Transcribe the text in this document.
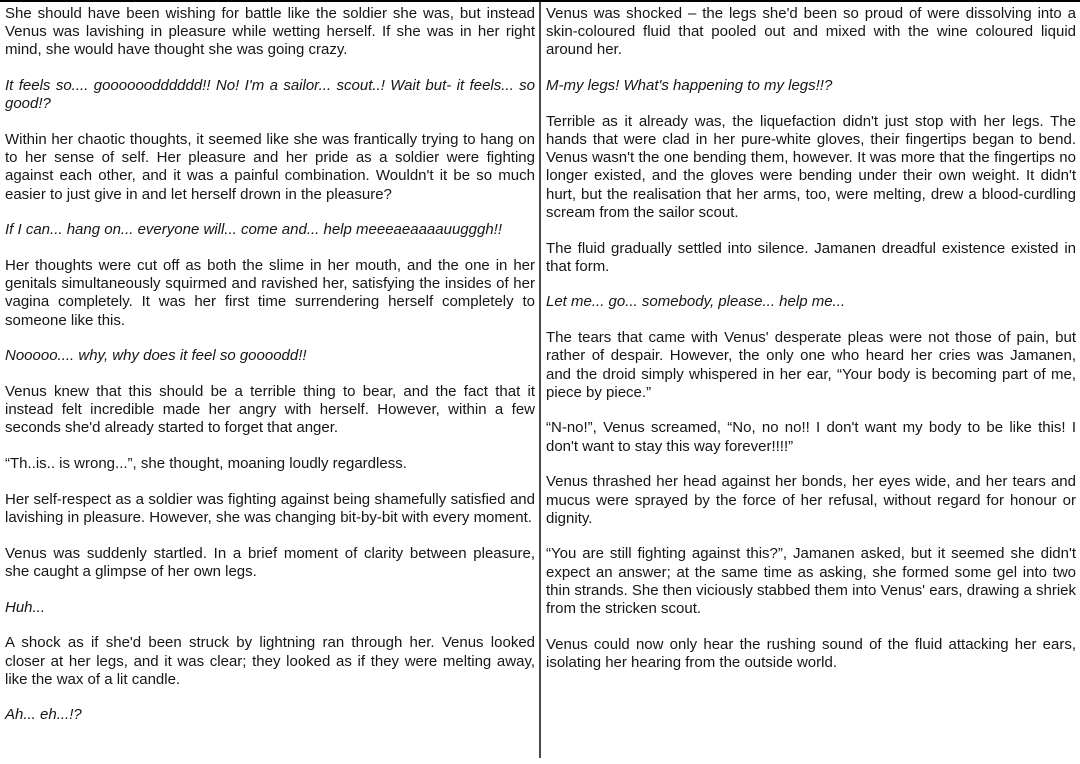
She should have been wishing for battle like the soldier she was, but instead Venus was lavishing in pleasure while wetting herself. If she was in her right mind, she would have thought she was going crazy.

It feels so.... goooooodddddd!! No! I'm a sailor... scout..! Wait but- it feels... so good!?

Within her chaotic thoughts, it seemed like she was frantically trying to hang on to her sense of self. Her pleasure and her pride as a soldier were fighting against each other, and it was a painful combination. Wouldn't it be so much easier to just give in and let herself drown in the pleasure?

If I can... hang on... everyone will... come and... help meeeaeaaaauugggh!!

Her thoughts were cut off as both the slime in her mouth, and the one in her genitals simultaneously squirmed and ravished her, satisfying the insides of her vagina completely. It was her first time surrendering herself completely to someone like this.

Nooooo.... why, why does it feel so goooodd!!

Venus knew that this should be a terrible thing to bear, and the fact that it instead felt incredible made her angry with herself. However, within a few seconds she'd already started to forget that anger.

“Th..is.. is wrong...”, she thought, moaning loudly regardless.

Her self-respect as a soldier was fighting against being shamefully satisfied and lavishing in pleasure. However, she was changing bit-by-bit with every moment.

Venus was suddenly startled. In a brief moment of clarity between pleasure, she caught a glimpse of her own legs.

Huh...

A shock as if she'd been struck by lightning ran through her. Venus looked closer at her legs, and it was clear; they looked as if they were melting away, like the wax of a lit candle.

Ah... eh...!?

Venus was shocked – the legs she'd been so proud of were dissolving into a skin-coloured fluid that pooled out and mixed with the wine coloured liquid around her.

M-my legs! What's happening to my legs!!?

Terrible as it already was, the liquefaction didn't just stop with her legs. The hands that were clad in her pure-white gloves, their fingertips began to bend. Venus wasn't the one bending them, however. It was more that the fingertips no longer existed, and the gloves were bending under their own weight. It didn't hurt, but the realisation that her arms, too, were melting, drew a blood-curdling scream from the sailor scout.

The fluid gradually settled into silence. Jamanen dreadful existence existed in that form.

Let me... go... somebody, please... help me...

The tears that came with Venus' desperate pleas were not those of pain, but rather of despair. However, the only one who heard her cries was Jamanen, and the droid simply whispered in her ear, “Your body is becoming part of me, piece by piece.”

“N-no!”, Venus screamed, “No, no no!! I don't want my body to be like this! I don't want to stay this way forever!!!!”

Venus thrashed her head against her bonds, her eyes wide, and her tears and mucus were sprayed by the force of her refusal, without regard for honour or dignity.

“You are still fighting against this?”, Jamanen asked, but it seemed she didn't expect an answer; at the same time as asking, she formed some gel into two thin strands. She then viciously stabbed them into Venus' ears, drawing a shriek from the stricken scout.

Venus could now only hear the rushing sound of the fluid attacking her ears, isolating her hearing from the outside world.
